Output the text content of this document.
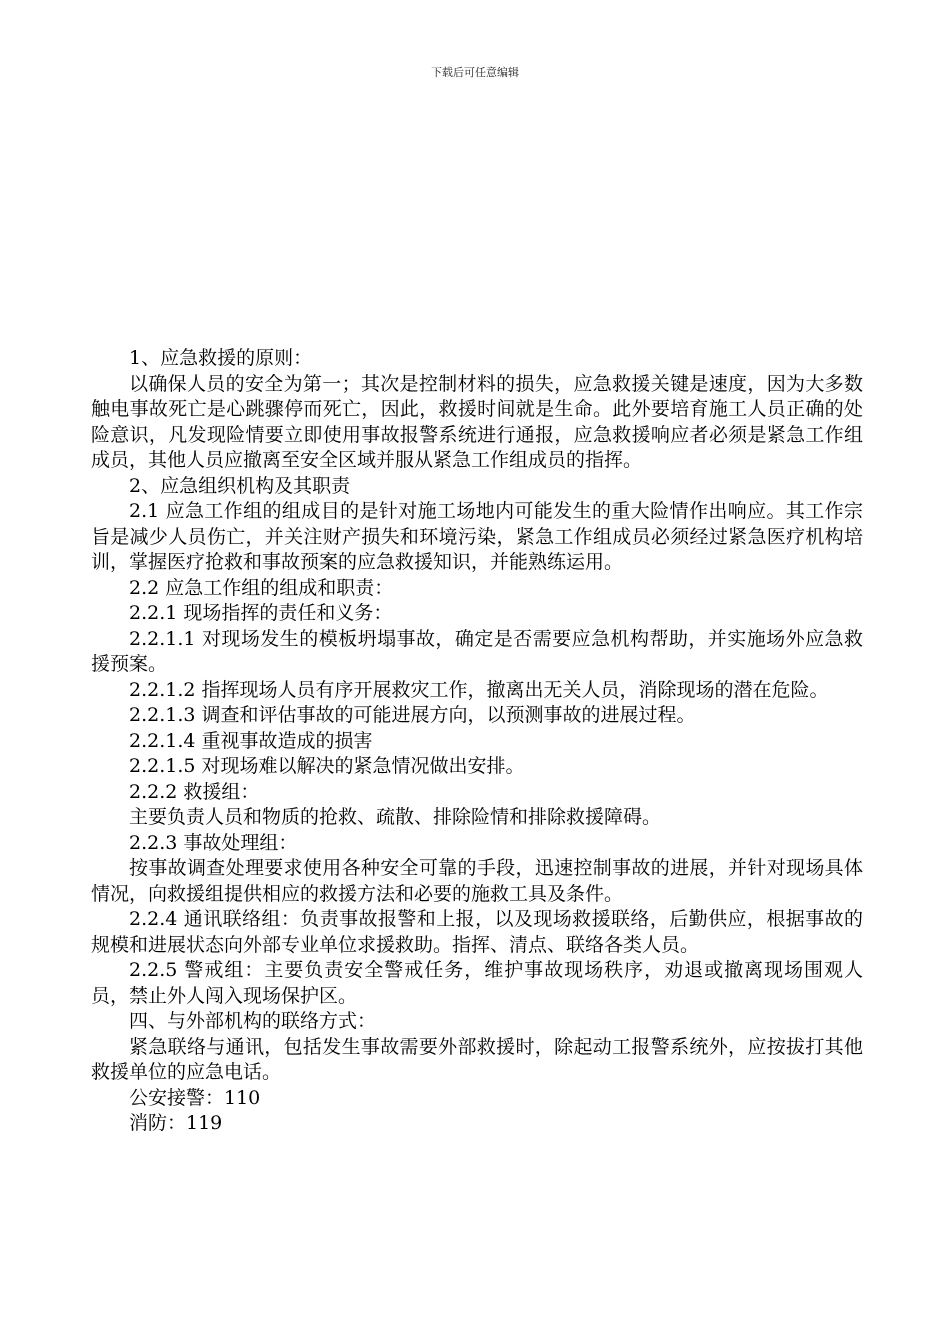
下载后可任意编辑

1、应急救援的原则：

以确保人员的安全为第一；其次是控制材料的损失，应急救援关键是速度，因为大多数触电事故死亡是心跳骤停而死亡，因此，救援时间就是生命。此外要培育施工人员正确的处险意识，凡发现险情要立即使用事故报警系统进行通报，应急救援响应者必须是紧急工作组成员，其他人员应撤离至安全区域并服从紧急工作组成员的指挥。

2、应急组织机构及其职责

2.1 应急工作组的组成目的是针对施工场地内可能发生的重大险情作出响应。其工作宗旨是减少人员伤亡，并关注财产损失和环境污染，紧急工作组成员必须经过紧急医疗机构培训，掌握医疗抢救和事故预案的应急救援知识，并能熟练运用。

2.2 应急工作组的组成和职责：

2.2.1 现场指挥的责任和义务：

2.2.1.1 对现场发生的模板坍塌事故，确定是否需要应急机构帮助，并实施场外应急救援预案。

2.2.1.2 指挥现场人员有序开展救灾工作，撤离出无关人员，消除现场的潜在危险。

2.2.1.3 调查和评估事故的可能进展方向，以预测事故的进展过程。

2.2.1.4 重视事故造成的损害

2.2.1.5 对现场难以解决的紧急情况做出安排。

2.2.2 救援组：

主要负责人员和物质的抢救、疏散、排除险情和排除救援障碍。

2.2.3 事故处理组：

按事故调查处理要求使用各种安全可靠的手段，迅速控制事故的进展，并针对现场具体情况，向救援组提供相应的救援方法和必要的施救工具及条件。

2.2.4 通讯联络组：负责事故报警和上报，以及现场救援联络，后勤供应，根据事故的规模和进展状态向外部专业单位求援救助。指挥、清点、联络各类人员。

2.2.5 警戒组：主要负责安全警戒任务，维护事故现场秩序，劝退或撤离现场围观人员，禁止外人闯入现场保护区。

四、与外部机构的联络方式：

紧急联络与通讯，包括发生事故需要外部救援时，除起动工报警系统外，应按拔打其他救援单位的应急电话。

公安接警：110

消防：119
